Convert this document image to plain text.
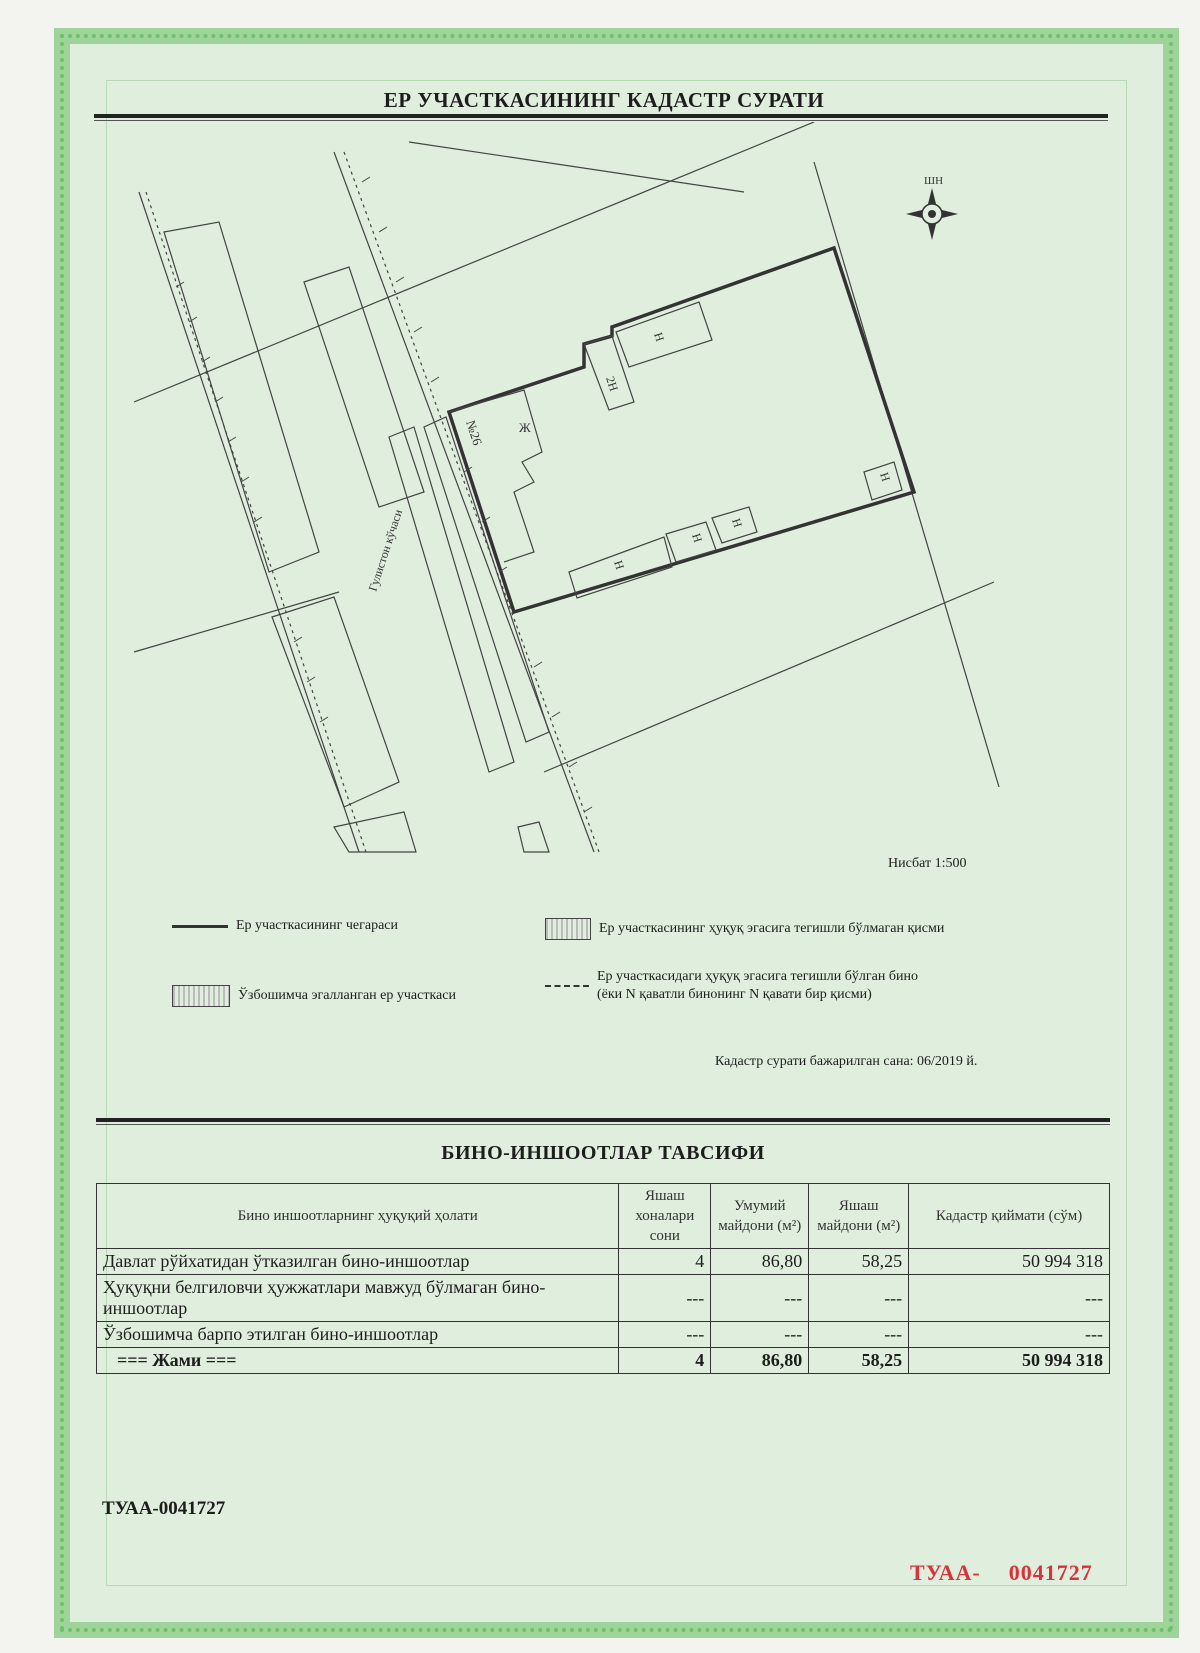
ЕР УЧАСТКАСИНИНГ КАДАСТР СУРАТИ
Гулистон кўчаси
№26	Ж
2Н
Н
Н
Н
Н
Н
ШН
Нисбат 1:500
Ер участкасининг чегараси	Ер участкасининг ҳуқуқ эгасига тегишли бўлмаган қисми
Ўзбошимча эгалланган ер участкаси
Ер участкасидаги ҳуқуқ эгасига тегишли бўлган бино
(ёки N қаватли бинонинг N қавати бир қисми)
Кадастр сурати бажарилган сана: 06/2019 й.
БИНО-ИНШООТЛАР ТАВСИФИ
Бино иншоотларнинг ҳуқуқий ҳолати	Яшаш хоналари сони	Умумий майдони (м²)	Яшаш майдони (м²)	Кадастр қиймати (сўм)
Давлат рўйхатидан ўтказилган бино-иншоотлар	4	86,80	58,25	50 994 318
Ҳуқуқни белгиловчи ҳужжатлари мавжуд бўлмаган бино-иншоотлар	---	---	---	---
Ўзбошимча барпо этилган бино-иншоотлар	---	---	---	---
=== Жами ===	4	86,80	58,25	50 994 318
ТУАА-0041727
ТУАА- 0041727
